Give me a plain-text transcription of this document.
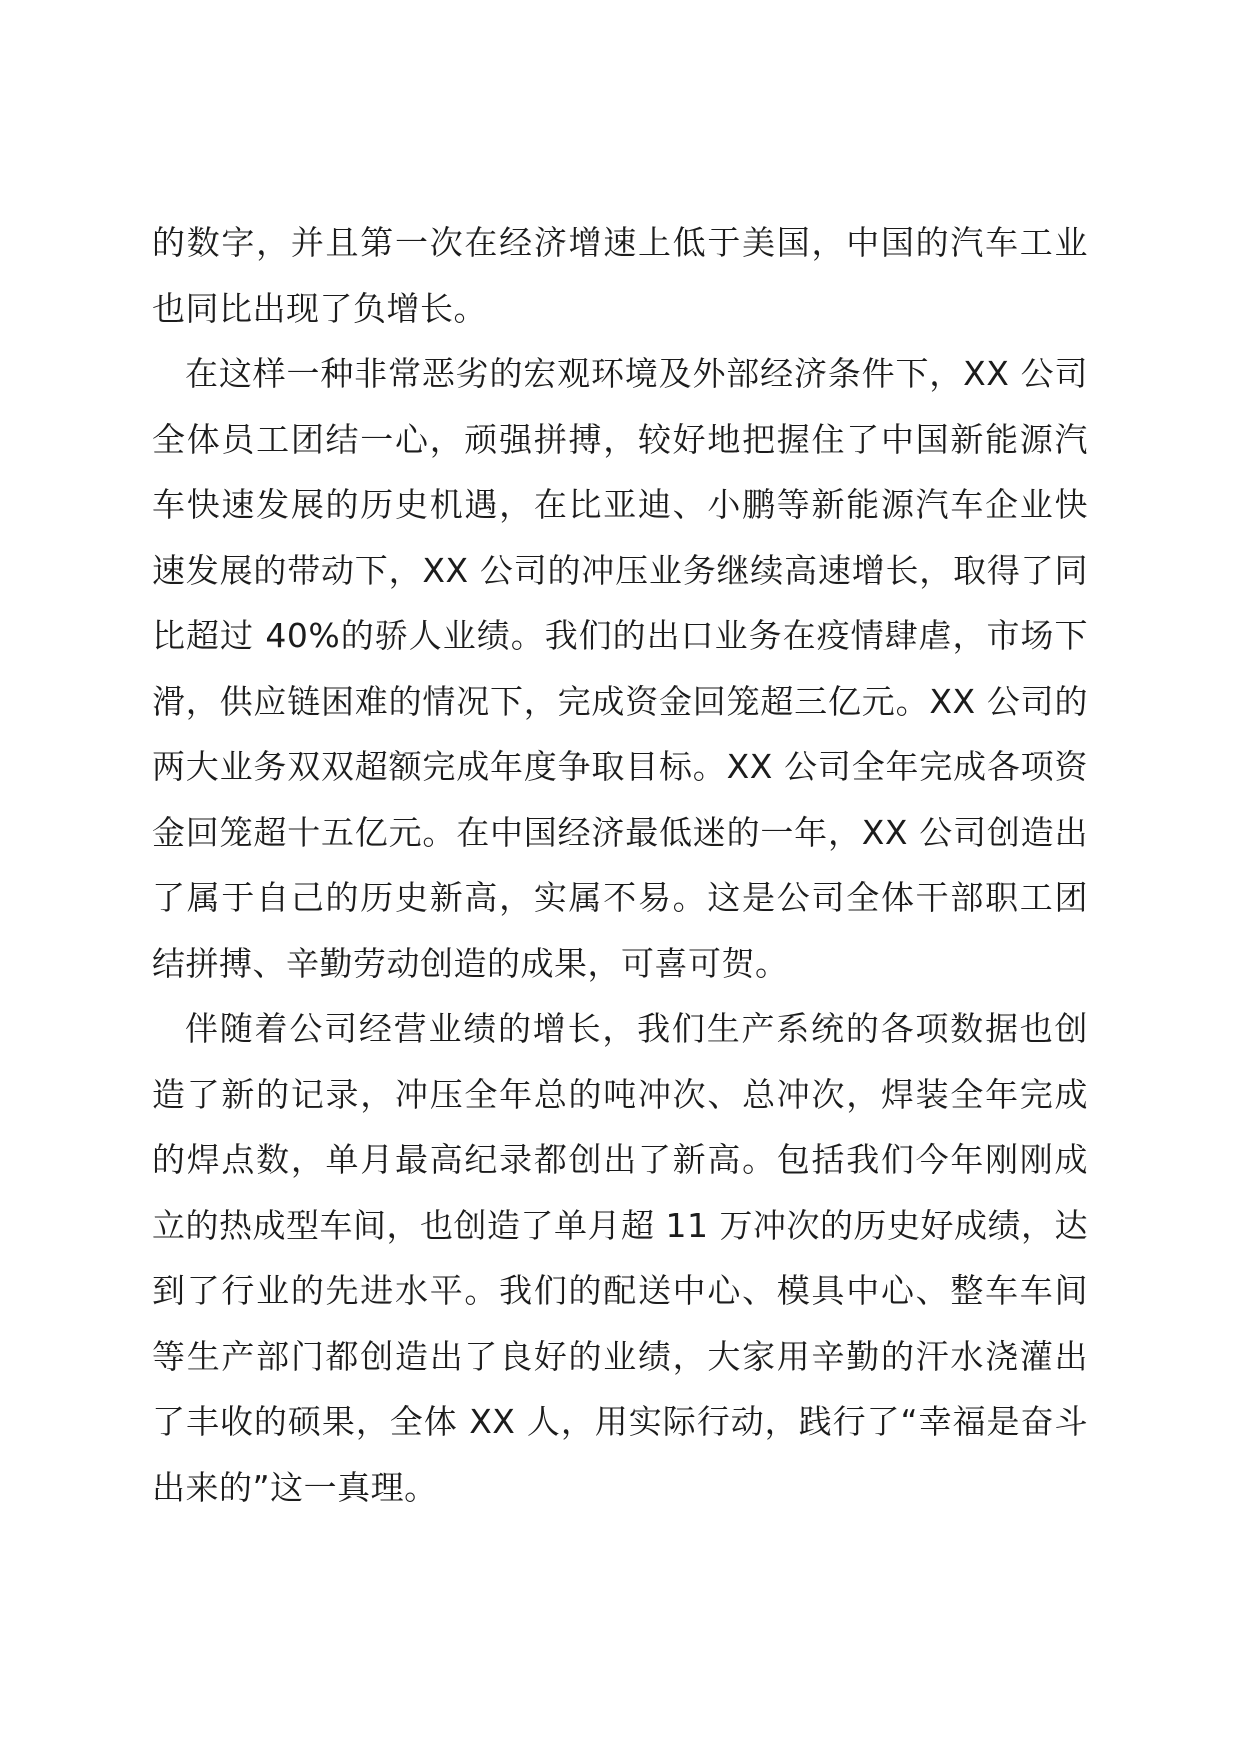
的数字，并且第一次在经济增速上低于美国，中国的汽车工业也同比出现了负增长。

在这样一种非常恶劣的宏观环境及外部经济条件下，XX 公司全体员工团结一心，顽强拼搏，较好地把握住了中国新能源汽车快速发展的历史机遇，在比亚迪、小鹏等新能源汽车企业快速发展的带动下，XX 公司的冲压业务继续高速增长，取得了同比超过 40%的骄人业绩。我们的出口业务在疫情肆虐，市场下滑，供应链困难的情况下，完成资金回笼超三亿元。XX 公司的两大业务双双超额完成年度争取目标。XX 公司全年完成各项资金回笼超十五亿元。在中国经济最低迷的一年，XX 公司创造出了属于自己的历史新高，实属不易。这是公司全体干部职工团结拼搏、辛勤劳动创造的成果，可喜可贺。

伴随着公司经营业绩的增长，我们生产系统的各项数据也创造了新的记录，冲压全年总的吨冲次、总冲次，焊装全年完成的焊点数，单月最高纪录都创出了新高。包括我们今年刚刚成立的热成型车间，也创造了单月超 11 万冲次的历史好成绩，达到了行业的先进水平。我们的配送中心、模具中心、整车车间等生产部门都创造出了良好的业绩，大家用辛勤的汗水浇灌出了丰收的硕果，全体 XX 人，用实际行动，践行了“幸福是奋斗出来的”这一真理。
